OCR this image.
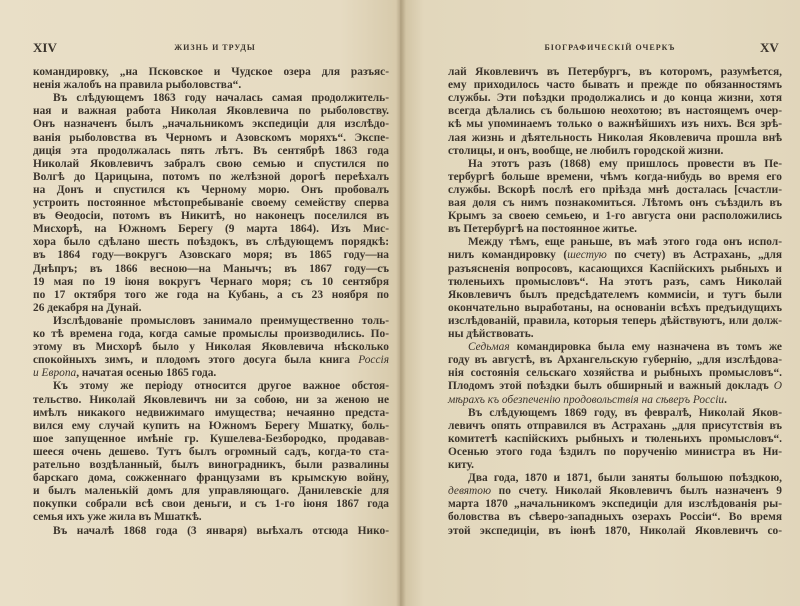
XIV	ЖИЗНЬ И ТРУДЫ
командировку, „на Псковское и Чудское озера для разъяс-
ненія жалобъ на правила рыболовства“.
Въ слѣдующемъ 1863 году началась самая продолжитель-
ная и важная работа Николая Яковлевича по рыболовству.
Онъ назначенъ былъ „начальникомъ экспедиціи для изслѣдо-
ванія рыболовства въ Черномъ и Азовскомъ моряхъ“. Экспе-
диція эта продолжалась пять лѣтъ. Въ сентябрѣ 1863 года
Николай Яковлевичъ забралъ свою семью и спустился по
Волгѣ до Царицына, потомъ по желѣзной дорогѣ переѣхалъ
на Донъ и спустился къ Черному морю. Онъ пробовалъ
устроить постоянное мѣстопребываніе своему семейству сперва
въ Ѳеодосіи, потомъ въ Никитѣ, но наконецъ поселился въ
Мисхорѣ, на Южномъ Берегу (9 марта 1864). Изъ Мис-
хора было сдѣлано шесть поѣздокъ, въ слѣдующемъ порядкѣ:
въ 1864 году—вокругъ Азовскаго моря; въ 1865 году—на
Днѣпръ; въ 1866 весною—на Манычъ; въ 1867 году—съ
19 мая по 19 іюня вокругъ Чернаго моря; съ 10 сентября
по 17 октября того же года на Кубань, а съ 23 ноября по
26 декабря на Дунай.
Изслѣдованіе промысловъ занимало преимущественно толь-
ко тѣ времена года, когда самые промыслы производились. По-
этому въ Мисхорѣ было у Николая Яковлевича нѣсколько
спокойныхъ зимъ, и плодомъ этого досуга была книга Россія
и Европа, начатая осенью 1865 года.
Къ этому же періоду относится другое важное обстоя-
тельство. Николай Яковлевичъ ни за собою, ни за женою не
имѣлъ никакого недвижимаго имущества; нечаянно предста-
вился ему случай купить на Южномъ Берегу Мшатку, боль-
шое запущенное имѣніе гр. Кушелева-Безбородко, продавав-
шееся очень дешево. Тутъ былъ огромный садъ, когда-то ста-
рательно воздѣланный, былъ виноградникъ, были развалины
барскаго дома, сожженнаго французами въ крымскую войну,
и былъ маленькій домъ для управляющаго. Данилевскіе для
покупки собрали всѣ свои деньги, и съ 1-го іюня 1867 года
семья ихъ уже жила въ Мшаткѣ.
Въ началѣ 1868 года (3 января) выѣхалъ отсюда Нико-
БІОГРАФИЧЕСКІЙ ОЧЕРКЪ	XV
лай Яковлевичъ въ Петербургъ, въ которомъ, разумѣется,
ему приходилось часто бывать и прежде по обязанностямъ
службы. Эти поѣздки продолжались и до конца жизни, хотя
всегда дѣлались съ большою неохотою; въ настоящемъ очер-
кѣ мы упоминаемъ только о важнѣйшихъ изъ нихъ. Вся зрѣ-
лая жизнь и дѣятельность Николая Яковлевича прошла внѣ
столицы, и онъ, вообще, не любилъ городской жизни.
На этотъ разъ (1868) ему пришлось провести въ Пе-
тербургѣ больше времени, чѣмъ когда-нибудь во время его
службы. Вскорѣ послѣ его пріѣзда мнѣ досталась [счастли-
вая доля съ нимъ познакомиться. Лѣтомъ онъ съѣздилъ въ
Крымъ за своею семьею, и 1-го августа они расположились
въ Петербургѣ на постоянное житье.
Между тѣмъ, еще раньше, въ маѣ этого года онъ испол-
нилъ командировку (шестую по счету) въ Астрахань, „для
разъясненія вопросовъ, касающихся Каспійскихъ рыбныхъ и
тюленьихъ промысловъ“. На этотъ разъ, самъ Николай
Яковлевичъ былъ предсѣдателемъ коммисіи, и тутъ были
окончательно выработаны, на основаніи всѣхъ предъидущихъ
изслѣдованій, правила, которыя теперь дѣйствуютъ, или долж-
ны дѣйствовать.
Седьмая командировка была ему назначена въ томъ же
году въ августѣ, въ Архангельскую губернію, „для изслѣдова-
нія состоянія сельскаго хозяйства и рыбныхъ промысловъ“.
Плодомъ этой поѣздки былъ обширный и важный докладъ О
мѣрахъ къ обезпеченію продовольствія на сѣверъ Россіи.
Въ слѣдующемъ 1869 году, въ февралѣ, Николай Яков-
левичъ опять отправился въ Астрахань „для присутствія въ
комитетѣ каспійскихъ рыбныхъ и тюленьихъ промысловъ“.
Осенью этого года ѣздилъ по порученію министра въ Ни-
киту.
Два года, 1870 и 1871, были заняты большою поѣздкою,
девятою по счету. Николай Яковлевичъ былъ назначенъ 9
марта 1870 „начальникомъ экспедиціи для изслѣдованія ры-
боловства въ сѣверо-западныхъ озерахъ Россіи“. Во время
этой экспедиціи, въ іюнѣ 1870, Николай Яковлевичъ со-
